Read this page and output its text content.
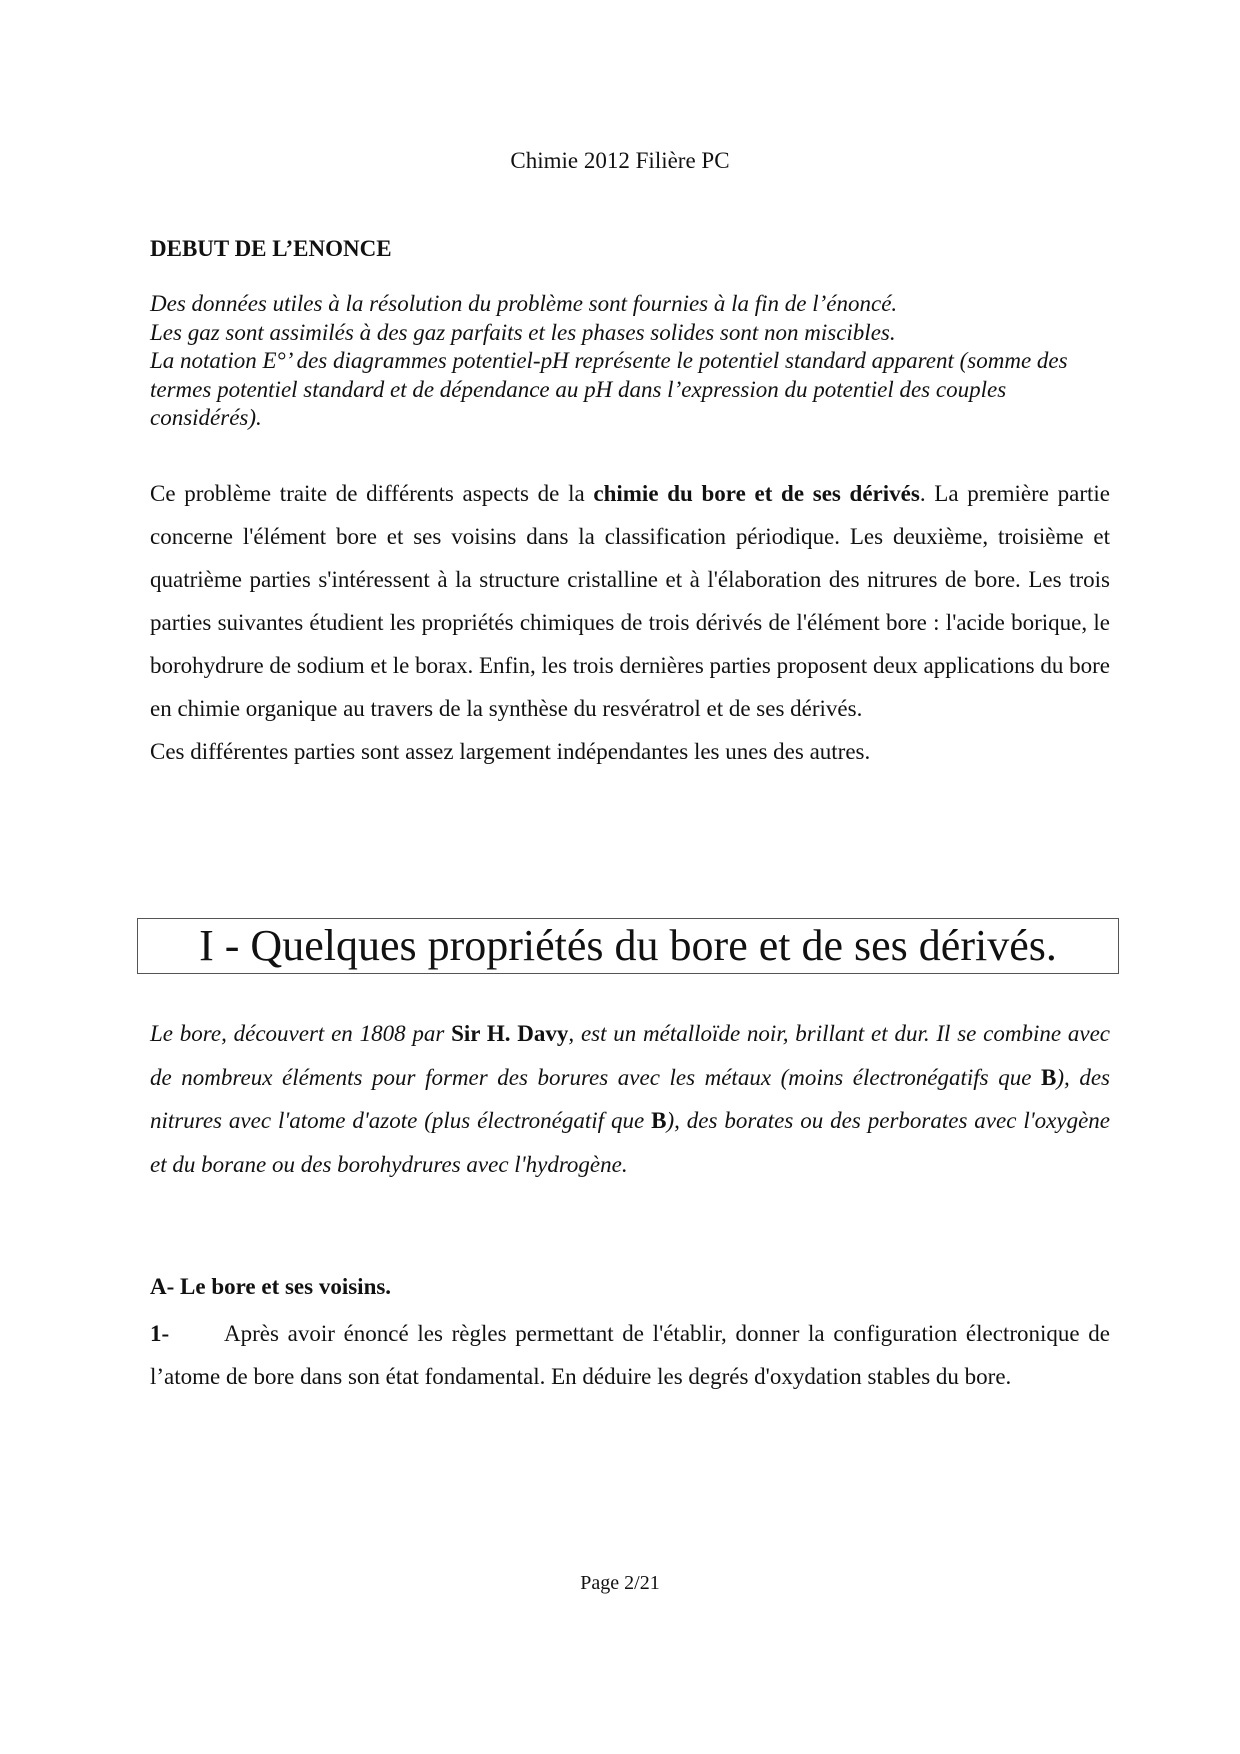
Chimie 2012 Filière PC
DEBUT DE L’ENONCE

Des données utiles à la résolution du problème sont fournies à la fin de l’énoncé.

Les gaz sont assimilés à des gaz parfaits et les phases solides sont non miscibles.

La notation E°’ des diagrammes potentiel-pH représente le potentiel standard apparent (somme des termes potentiel standard et de dépendance au pH dans l’expression du potentiel des couples considérés).

Ce problème traite de différents aspects de la chimie du bore et de ses dérivés. La première partie concerne l'élément bore et ses voisins dans la classification périodique. Les deuxième, troisième et quatrième parties s'intéressent à la structure cristalline et à l'élaboration des nitrures de bore. Les trois parties suivantes étudient les propriétés chimiques de trois dérivés de l'élément bore : l'acide borique, le borohydrure de sodium et le borax. Enfin, les trois dernières parties proposent deux applications du bore en chimie organique au travers de la synthèse du resvératrol et de ses dérivés.

Ces différentes parties sont assez largement indépendantes les unes des autres.

I - Quelques propriétés du bore et de ses dérivés.
Le bore, découvert en 1808 par Sir H. Davy, est un métalloïde noir, brillant et dur. Il se combine avec de nombreux éléments pour former des borures avec les métaux (moins électronégatifs que B), des nitrures avec l'atome d'azote (plus électronégatif que B), des borates ou des perborates avec l'oxygène et du borane ou des borohydrures avec l'hydrogène.
A- Le bore et ses voisins.
1- Après avoir énoncé les règles permettant de l'établir, donner la configuration électronique de l’atome de bore dans son état fondamental. En déduire les degrés d'oxydation stables du bore.
Page 2/21
